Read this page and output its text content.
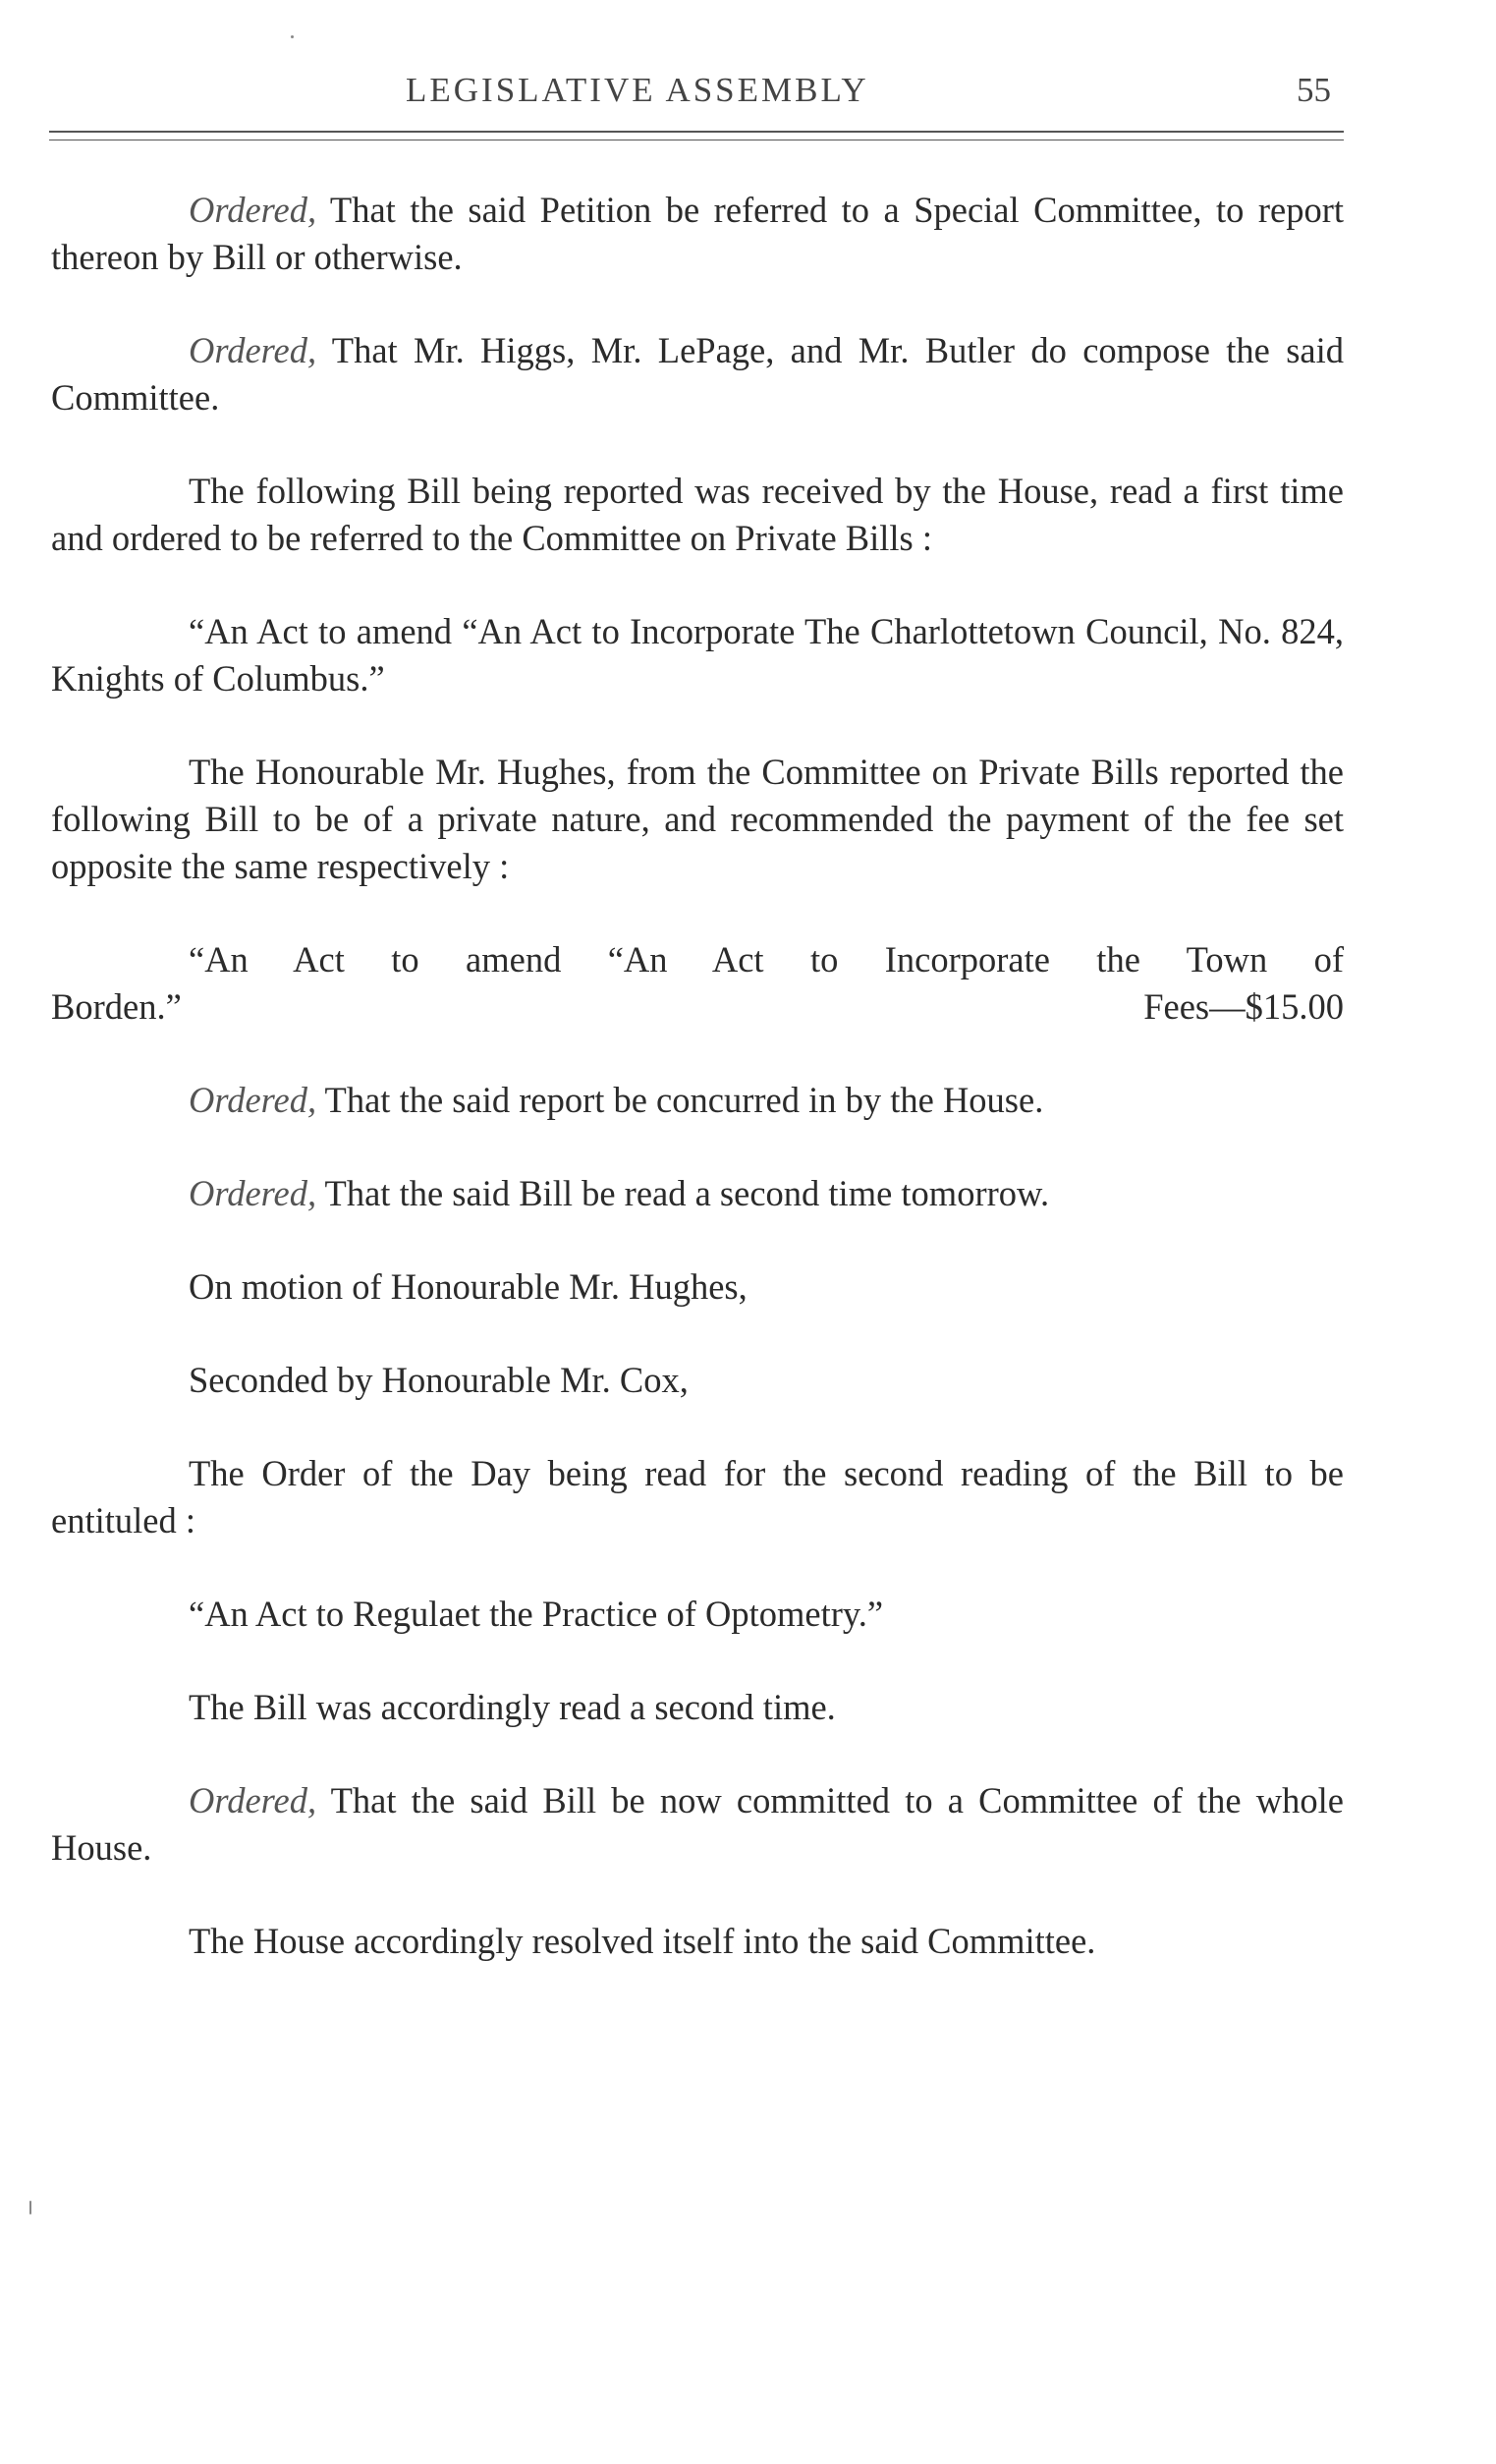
LEGISLATIVE ASSEMBLY	55

Ordered, That the said Petition be referred to a Special Committee, to report thereon by Bill or otherwise.

Ordered, That Mr. Higgs, Mr. LePage, and Mr. Butler do compose the said Committee.

The following Bill being reported was received by the House, read a first time and ordered to be referred to the Committee on Private Bills :

“An Act to amend “An Act to Incorporate The Charlottetown Council, No. 824, Knights of Columbus.”

The Honourable Mr. Hughes, from the Committee on Private Bills reported the following Bill to be of a private nature, and recommended the payment of the fee set opposite the same respectively :

“An Act to amend “An Act to Incorporate the Town of
Borden.”	Fees—$15.00

Ordered, That the said report be concurred in by the House.

Ordered, That the said Bill be read a second time tomorrow.

On motion of Honourable Mr. Hughes,

Seconded by Honourable Mr. Cox,

The Order of the Day being read for the second reading of the Bill to be entituled :

“An Act to Regulaet the Practice of Optometry.”

The Bill was accordingly read a second time.

Ordered, That the said Bill be now committed to a Committee of the whole House.

The House accordingly resolved itself into the said Committee.
